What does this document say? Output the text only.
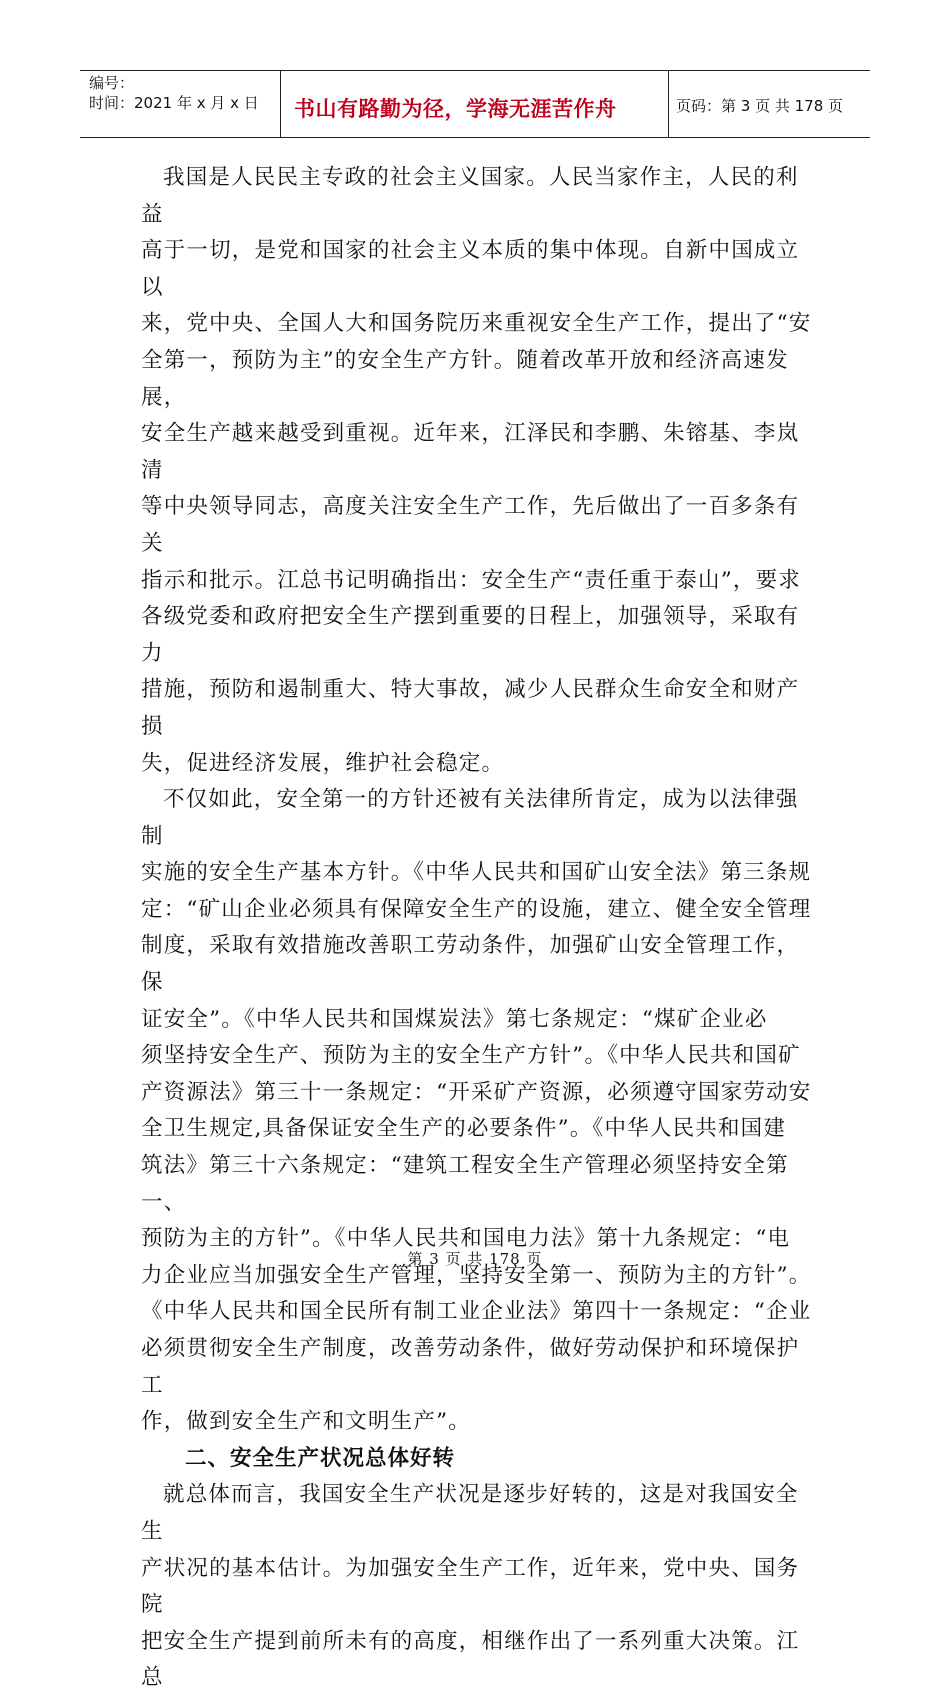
编号：
时间：2021 年 x 月 x 日	书山有路勤为径，学海无涯苦作舟	页码：第 3 页 共 178 页

我国是人民民主专政的社会主义国家。人民当家作主，人民的利益
高于一切，是党和国家的社会主义本质的集中体现。自新中国成立以
来，党中央、全国人大和国务院历来重视安全生产工作，提出了“安
全第一，预防为主”的安全生产方针。随着改革开放和经济高速发展，
安全生产越来越受到重视。近年来，江泽民和李鹏、朱镕基、李岚清
等中央领导同志，高度关注安全生产工作，先后做出了一百多条有关
指示和批示。江总书记明确指出：安全生产“责任重于泰山”，要求
各级党委和政府把安全生产摆到重要的日程上，加强领导，采取有力
措施，预防和遏制重大、特大事故，减少人民群众生命安全和财产损
失，促进经济发展，维护社会稳定。

不仅如此，安全第一的方针还被有关法律所肯定，成为以法律强制
实施的安全生产基本方针。《中华人民共和国矿山安全法》第三条规
定：“矿山企业必须具有保障安全生产的设施，建立、健全安全管理
制度，采取有效措施改善职工劳动条件，加强矿山安全管理工作，保
证安全”。《中华人民共和国煤炭法》第七条规定：“煤矿企业必
须坚持安全生产、预防为主的安全生产方针”。《中华人民共和国矿
产资源法》第三十一条规定：“开采矿产资源，必须遵守国家劳动安
全卫生规定,具备保证安全生产的必要条件”。《中华人民共和国建
筑法》第三十六条规定：“建筑工程安全生产管理必须坚持安全第一、
预防为主的方针”。《中华人民共和国电力法》第十九条规定：“电
力企业应当加强安全生产管理，坚持安全第一、预防为主的方针”。
《中华人民共和国全民所有制工业企业法》第四十一条规定：“企业
必须贯彻安全生产制度，改善劳动条件，做好劳动保护和环境保护工
作，做到安全生产和文明生产”。

二、安全生产状况总体好转

就总体而言，我国安全生产状况是逐步好转的，这是对我国安全生
产状况的基本估计。为加强安全生产工作，近年来，党中央、国务院
把安全生产提到前所未有的高度，相继作出了一系列重大决策。江总

第 3 页 共 178 页
